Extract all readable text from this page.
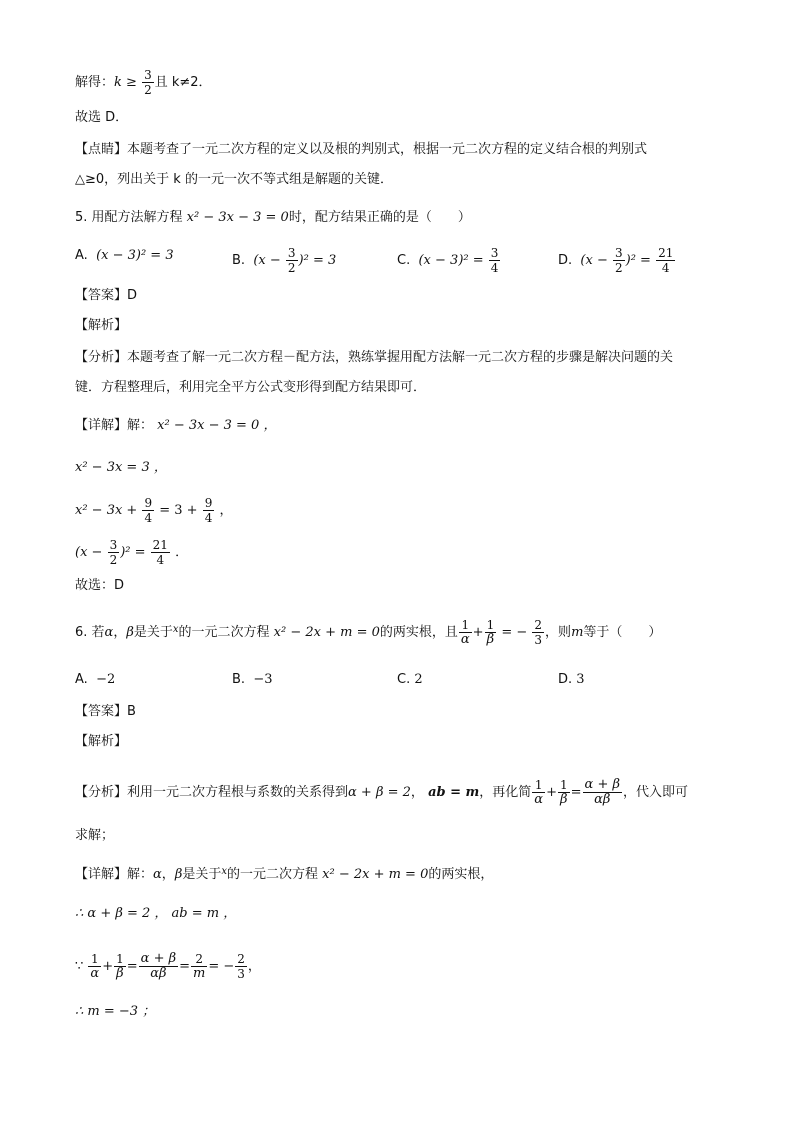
解得：$k \ge \frac{3}{2}$ 且 k≠2．
故选 D．
【点睛】本题考查了一元二次方程的定义以及根的判别式，根据一元二次方程的定义结合根的判别式
△≥0，列出关于 k 的一元一次不等式组是解题的关键．
5. 用配方法解方程 x² − 3x − 3 = 0时，配方结果正确的是（　　）
A. (x − 3)² = 3	B. $(x - \frac{3}{2} )^2 = 3$	C. $(x - 3)^2 = \frac{3}{4}$	D. $(x - \frac{3}{2} )^2 = \frac{21}{4}$
【答案】D
【解析】
【分析】本题考查了解一元二次方程－配方法，熟练掌握用配方法解一元二次方程的步骤是解决问题的关
键．方程整理后，利用完全平方公式变形得到配方结果即可．
【详解】解： x² − 3x − 3 = 0 ，
x² − 3x = 3 ，
$x^2 - 3x + \frac{9}{4} = 3 + \frac{9}{4}$ ，
$(x - \frac{3}{2} )^2 = \frac{21}{4}$ ．
故选：D
6. 若α，β是关于$^x$的一元二次方程 x² − 2x + m = 0的两实根，且 $\frac{1}{\alpha} + \frac{1}{\beta}$ = − $\frac{2}{3}$ ，则m等于（　　）
A. −2	B. −3	C. 2	D. 3
【答案】B
【解析】
【分析】利用一元二次方程根与系数的关系得到α + β = 2， ab = m，再化简 $\frac{1}{\alpha} + \frac{1}{\beta} = \frac{\alpha + \beta}{\alpha\beta}$ ，代入即可
求解；
【详解】解：α，β是关于$^x$的一元二次方程 x² − 2x + m = 0的两实根，
∴ α + β = 2 ， ab = m ，
∵ $\frac{1}{\alpha} + \frac{1}{\beta} = \frac{\alpha + \beta}{\alpha\beta} = \frac{2}{m}$ = − $\frac{2}{3}$ ，
∴ m = −3 ；
